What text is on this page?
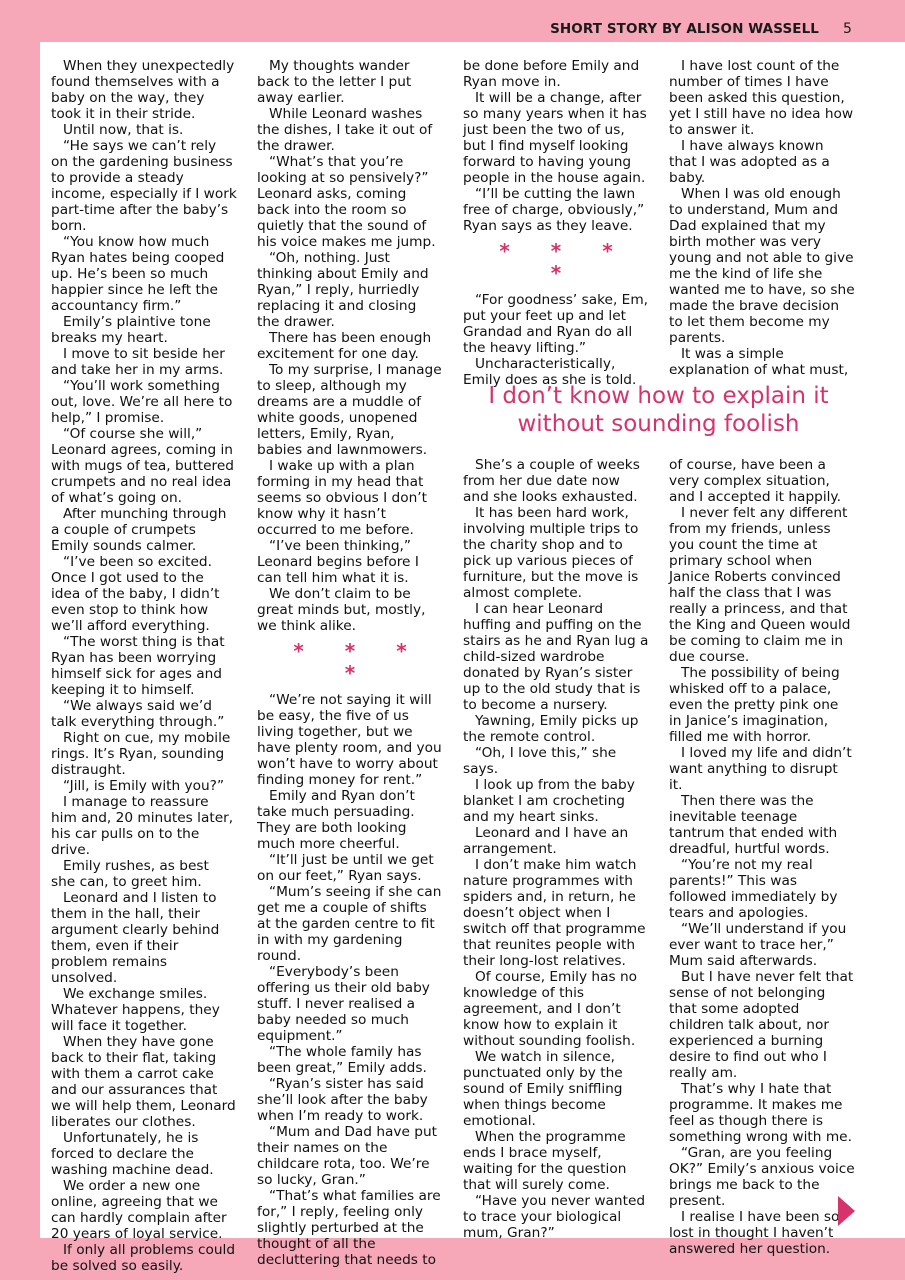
SHORT STORY BY ALISON WASSELL 5

When they unexpectedly found themselves with a baby on the way, they took it in their stride.

Until now, that is.

“He says we can’t rely on the gardening business to provide a steady income, especially if I work part-time after the baby’s born.

“You know how much Ryan hates being cooped up. He’s been so much happier since he left the accountancy firm.”

Emily’s plaintive tone breaks my heart.

I move to sit beside her and take her in my arms.

“You’ll work something out, love. We’re all here to help,” I promise.

“Of course she will,” Leonard agrees, coming in with mugs of tea, buttered crumpets and no real idea of what’s going on.

After munching through a couple of crumpets Emily sounds calmer.

“I’ve been so excited. Once I got used to the idea of the baby, I didn’t even stop to think how we’ll afford everything.

“The worst thing is that Ryan has been worrying himself sick for ages and keeping it to himself.

“We always said we’d talk everything through.”

Right on cue, my mobile rings. It’s Ryan, sounding distraught.

“Jill, is Emily with you?”

I manage to reassure him and, 20 minutes later, his car pulls on to the drive.

Emily rushes, as best she can, to greet him.

Leonard and I listen to them in the hall, their argument clearly behind them, even if their problem remains unsolved.

We exchange smiles. Whatever happens, they will face it together.

When they have gone back to their flat, taking with them a carrot cake and our assurances that we will help them, Leonard liberates our clothes.

Unfortunately, he is forced to declare the washing machine dead.

We order a new one online, agreeing that we can hardly complain after 20 years of loyal service.

If only all problems could be solved so easily.

My thoughts wander back to the letter I put away earlier.

While Leonard washes the dishes, I take it out of the drawer.

“What’s that you’re looking at so pensively?” Leonard asks, coming back into the room so quietly that the sound of his voice makes me jump.

“Oh, nothing. Just thinking about Emily and Ryan,” I reply, hurriedly replacing it and closing the drawer.

There has been enough excitement for one day.

To my surprise, I manage to sleep, although my dreams are a muddle of white goods, unopened letters, Emily, Ryan, babies and lawnmowers.

I wake up with a plan forming in my head that seems so obvious I don’t know why it hasn’t occurred to me before.

“I’ve been thinking,” Leonard begins before I can tell him what it is.

We don’t claim to be great minds but, mostly, we think alike.

* * * *

“We’re not saying it will be easy, the five of us living together, but we have plenty room, and you won’t have to worry about finding money for rent.”

Emily and Ryan don’t take much persuading. They are both looking much more cheerful.

“It’ll just be until we get on our feet,” Ryan says.

“Mum’s seeing if she can get me a couple of shifts at the garden centre to fit in with my gardening round.

“Everybody’s been offering us their old baby stuff. I never realised a baby needed so much equipment.”

“The whole family has been great,” Emily adds.

“Ryan’s sister has said she’ll look after the baby when I’m ready to work.

“Mum and Dad have put their names on the childcare rota, too. We’re so lucky, Gran.”

“That’s what families are for,” I reply, feeling only slightly perturbed at the thought of all the decluttering that needs to

be done before Emily and Ryan move in.

It will be a change, after so many years when it has just been the two of us, but I find myself looking forward to having young people in the house again.

“I’ll be cutting the lawn free of charge, obviously,” Ryan says as they leave.

* * * *

“For goodness’ sake, Em, put your feet up and let Grandad and Ryan do all the heavy lifting.”

Uncharacteristically, Emily does as she is told.

I have lost count of the number of times I have been asked this question, yet I still have no idea how to answer it.

I have always known that I was adopted as a baby.

When I was old enough to understand, Mum and Dad explained that my birth mother was very young and not able to give me the kind of life she wanted me to have, so she made the brave decision to let them become my parents.

It was a simple explanation of what must,

I don’t know how to explain it without sounding foolish

She’s a couple of weeks from her due date now and she looks exhausted.

It has been hard work, involving multiple trips to the charity shop and to pick up various pieces of furniture, but the move is almost complete.

I can hear Leonard huffing and puffing on the stairs as he and Ryan lug a child-sized wardrobe donated by Ryan’s sister up to the old study that is to become a nursery.

Yawning, Emily picks up the remote control.

“Oh, I love this,” she says.

I look up from the baby blanket I am crocheting and my heart sinks.

Leonard and I have an arrangement.

I don’t make him watch nature programmes with spiders and, in return, he doesn’t object when I switch off that programme that reunites people with their long-lost relatives.

Of course, Emily has no knowledge of this agreement, and I don’t know how to explain it without sounding foolish.

We watch in silence, punctuated only by the sound of Emily sniffling when things become emotional.

When the programme ends I brace myself, waiting for the question that will surely come.

“Have you never wanted to trace your biological mum, Gran?”

of course, have been a very complex situation, and I accepted it happily.

I never felt any different from my friends, unless you count the time at primary school when Janice Roberts convinced half the class that I was really a princess, and that the King and Queen would be coming to claim me in due course.

The possibility of being whisked off to a palace, even the pretty pink one in Janice’s imagination, filled me with horror.

I loved my life and didn’t want anything to disrupt it.

Then there was the inevitable teenage tantrum that ended with dreadful, hurtful words.

“You’re not my real parents!” This was followed immediately by tears and apologies.

“We’ll understand if you ever want to trace her,” Mum said afterwards.

But I have never felt that sense of not belonging that some adopted children talk about, nor experienced a burning desire to find out who I really am.

That’s why I hate that programme. It makes me feel as though there is something wrong with me.

“Gran, are you feeling OK?” Emily’s anxious voice brings me back to the present.

I realise I have been so lost in thought I haven’t answered her question.
